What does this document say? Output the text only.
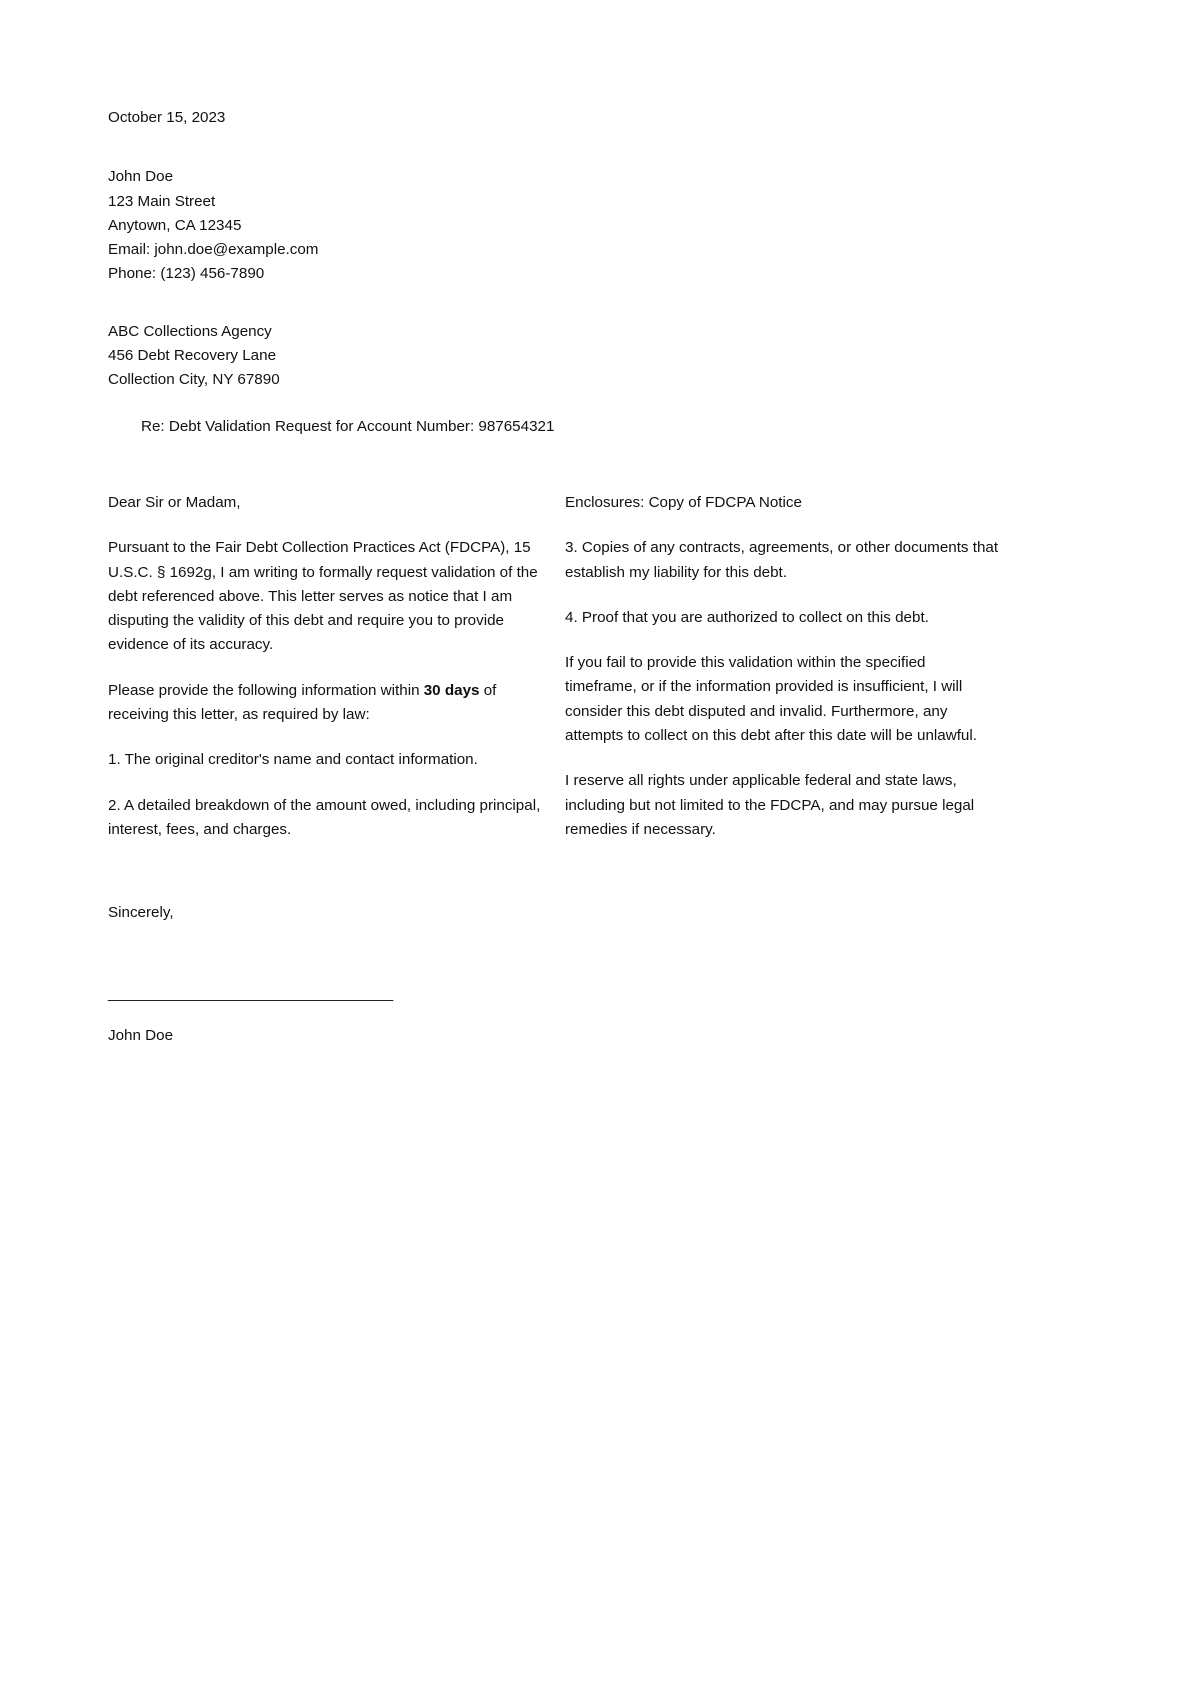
October 15, 2023
John Doe
123 Main Street
Anytown, CA 12345
Email: john.doe@example.com
Phone: (123) 456-7890
ABC Collections Agency
456 Debt Recovery Lane
Collection City, NY 67890
Re: Debt Validation Request for Account Number: 987654321

Dear Sir or Madam,

Pursuant to the Fair Debt Collection Practices Act (FDCPA), 15 U.S.C. § 1692g, I am writing to formally request validation of the debt referenced above. This letter serves as notice that I am disputing the validity of this debt and require you to provide evidence of its accuracy.

Please provide the following information within 30 days of receiving this letter, as required by law:

1. The original creditor's name and contact information.

2. A detailed breakdown of the amount owed, including principal, interest, fees, and charges.

Sincerely,

_________________________________

John Doe

Enclosures: Copy of FDCPA Notice

3. Copies of any contracts, agreements, or other documents that establish my liability for this debt.

4. Proof that you are authorized to collect on this debt.

If you fail to provide this validation within the specified timeframe, or if the information provided is insufficient, I will consider this debt disputed and invalid. Furthermore, any attempts to collect on this debt after this date will be unlawful.

I reserve all rights under applicable federal and state laws, including but not limited to the FDCPA, and may pursue legal remedies if necessary.
